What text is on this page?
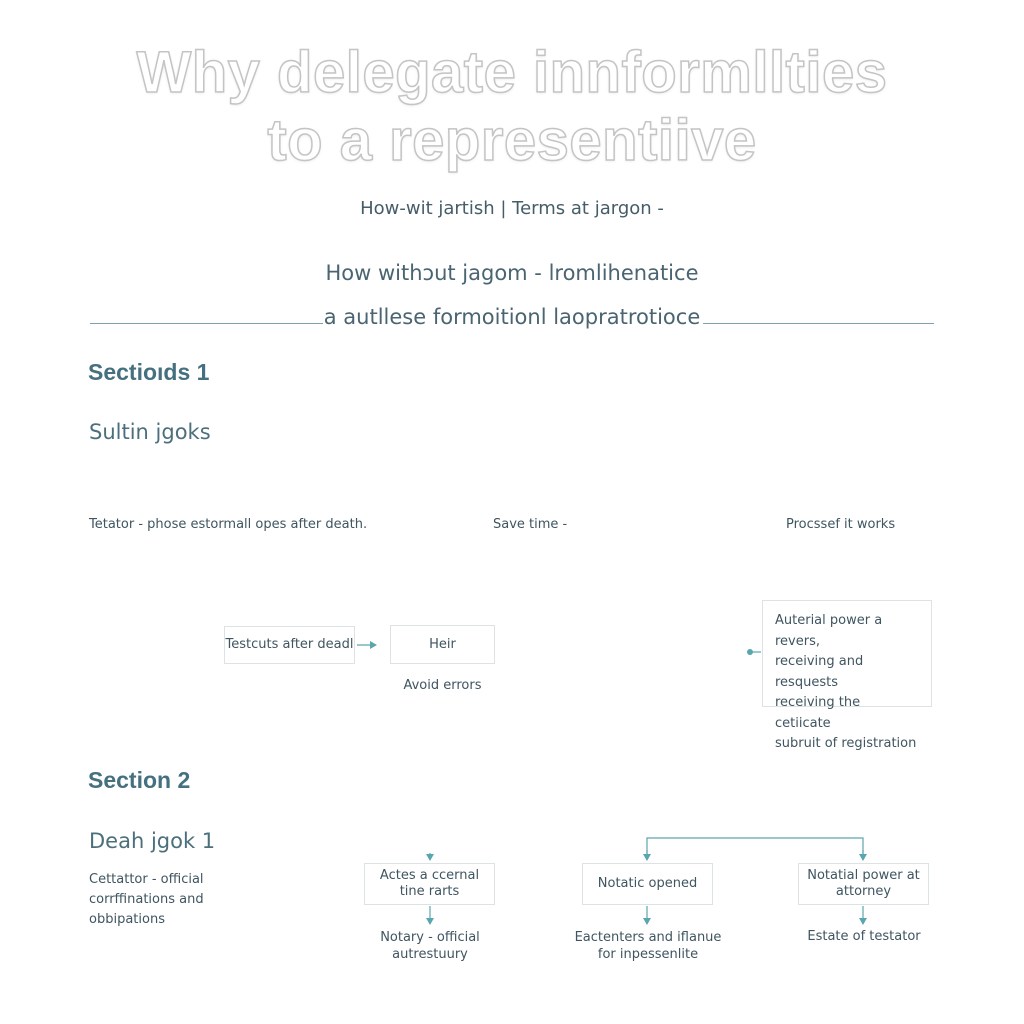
Why delegate innformllties
to a representiive
How-wit jartish | Terms at jargon -
How withɔut jagom - lromlihenatice
a autllese formoitionl laopratrotioce
Sectioıds 1
Sultin jgoks
Tetator - phose estormall opes after death.	Save time -	Procssef it works
Testcuts after deadl	Heir
Avoid errors
Auterial power a revers,
receiving and resquests
receiving the cetiicate
subruit of registration
Section 2
Deah jgok 1
Cettattor - official
corrffinations and
obbipations
Actes a ccernal
tine rarts
Notary - official
autrestuury
Notatic opened
Eactenters and iflanue
for inpessenlite
Notatial power at
attorney
Estate of testator
